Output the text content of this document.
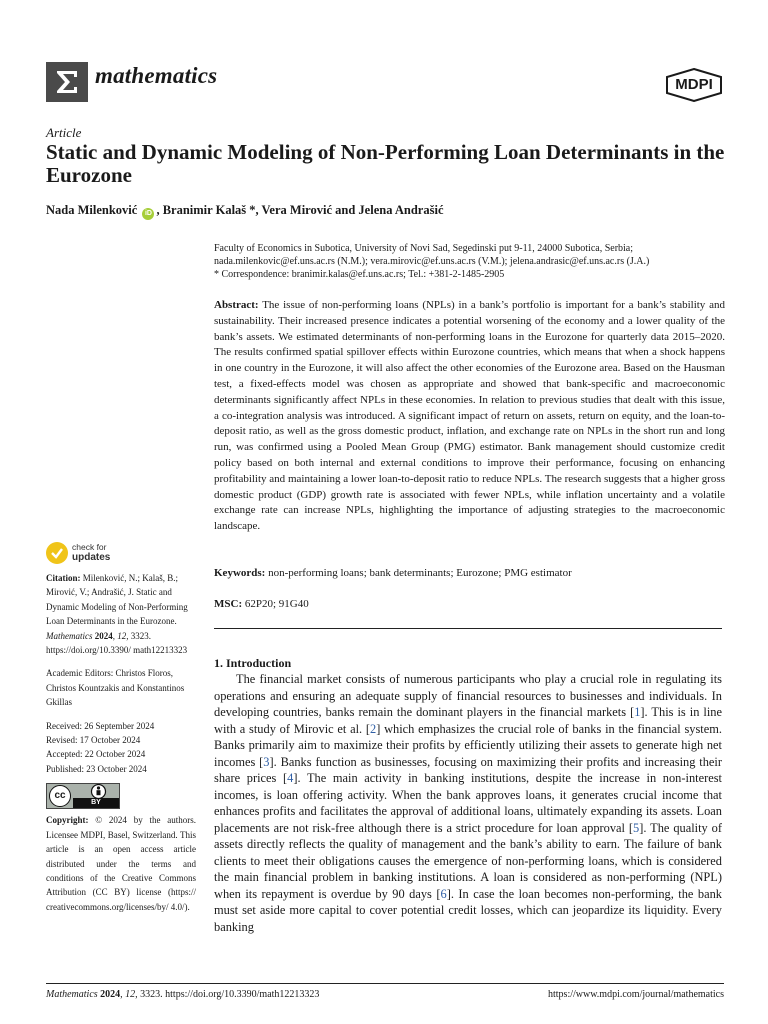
mathematics	MDPI
Article
Static and Dynamic Modeling of Non-Performing Loan Determinants in the Eurozone
Nada Milenković iD , Branimir Kalaš *, Vera Mirović and Jelena Andrašić
Faculty of Economics in Subotica, University of Novi Sad, Segedinski put 9-11, 24000 Subotica, Serbia;
nada.milenkovic@ef.uns.ac.rs (N.M.); vera.mirovic@ef.uns.ac.rs (V.M.); jelena.andrasic@ef.uns.ac.rs (J.A.)
* Correspondence: branimir.kalas@ef.uns.ac.rs; Tel.: +381-2-1485-2905
Abstract: The issue of non-performing loans (NPLs) in a bank’s portfolio is important for a bank’s stability and sustainability. Their increased presence indicates a potential worsening of the economy and a lower quality of the bank’s assets. We estimated determinants of non-performing loans in the Eurozone for quarterly data 2015–2020. The results confirmed spatial spillover effects within Eurozone countries, which means that when a shock happens in one country in the Eurozone, it will also affect the other economies of the Eurozone area. Based on the Hausman test, a fixed-effects model was chosen as appropriate and showed that bank-specific and macroeconomic determinants significantly affect NPLs in these economies. In relation to previous studies that dealt with this issue, a co-integration analysis was introduced. A significant impact of return on assets, return on equity, and the loan-to-deposit ratio, as well as the gross domestic product, inflation, and exchange rate on NPLs in the short run and long run, was confirmed using a Pooled Mean Group (PMG) estimator. Bank management should customize credit policy based on both internal and external conditions to improve their performance, focusing on enhancing profitability and maintaining a lower loan-to-deposit ratio to reduce NPLs. The research suggests that a higher gross domestic product (GDP) growth rate is associated with fewer NPLs, while inflation uncertainty and a volatile exchange rate can increase NPLs, highlighting the importance of adjusting strategies to the macroeconomic landscape.
Keywords: non-performing loans; bank determinants; Eurozone; PMG estimator
MSC: 62P20; 91G40
1. Introduction
The financial market consists of numerous participants who play a crucial role in regulating its operations and ensuring an adequate supply of financial resources to businesses and individuals. In developing countries, banks remain the dominant players in the financial markets [1]. This is in line with a study of Mirovic et al. [2] which emphasizes the crucial role of banks in the financial system. Banks primarily aim to maximize their profits by efficiently utilizing their assets to generate high net incomes [3]. Banks function as businesses, focusing on maximizing their profits and increasing their share prices [4]. The main activity in banking institutions, despite the increase in non-interest incomes, is loan offering activity. When the bank approves loans, it generates crucial income that enhances profits and facilitates the approval of additional loans, ultimately expanding its assets. Loan placements are not risk-free although there is a strict procedure for loan approval [5]. The quality of assets directly reflects the quality of management and the bank’s ability to earn. The failure of bank clients to meet their obligations causes the emergence of non-performing loans, which is considered the main financial problem in banking institutions. A loan is considered as non-performing (NPL) when its repayment is overdue by 90 days [6]. In case the loan becomes non-performing, the bank must set aside more capital to cover potential credit losses, which can jeopardize its liquidity. Every banking
check for
updates

Citation: Milenković, N.; Kalaš, B.; Mirović, V.; Andrašić, J. Static and Dynamic Modeling of Non-Performing Loan Determinants in the Eurozone. Mathematics 2024, 12, 3323. https://doi.org/10.3390/ math12213323

Academic Editors: Christos Floros, Christos Kountzakis and Konstantinos Gkillas

Received: 26 September 2024

Revised: 17 October 2024

Accepted: 22 October 2024

Published: 23 October 2024

cc
BY

Copyright: © 2024 by the authors. Licensee MDPI, Basel, Switzerland. This article is an open access article distributed under the terms and conditions of the Creative Commons Attribution (CC BY) license (https:// creativecommons.org/licenses/by/ 4.0/).

Mathematics 2024, 12, 3323. https://doi.org/10.3390/math12213323	https://www.mdpi.com/journal/mathematics
